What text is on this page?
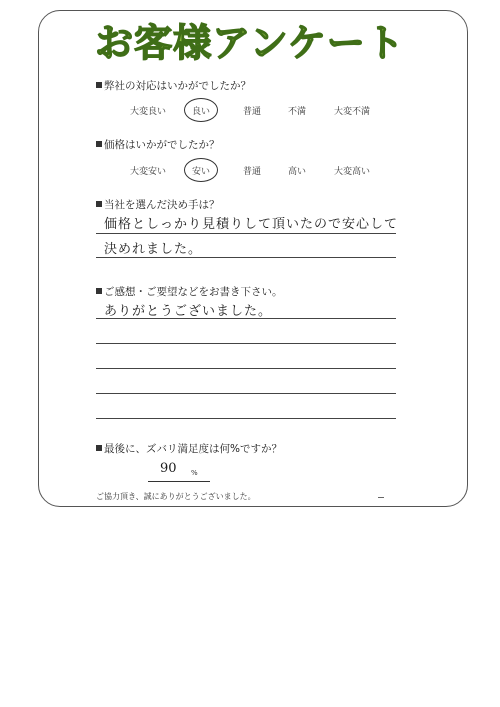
お客様アンケート
弊社の対応はいかがでしたか？
大変良い	良い	普通	不満	大変不満
価格はいかがでしたか？
大変安い	安い	普通	高い	大変高い
当社を選んだ決め手は？
価格としっかり見積りして頂いたので安心して
決めれました。
ご感想・ご要望などをお書き下さい。
ありがとうございました。
最後に、ズバリ満足度は何%ですか？
90 %
ご協力頂き、誠にありがとうございました。
